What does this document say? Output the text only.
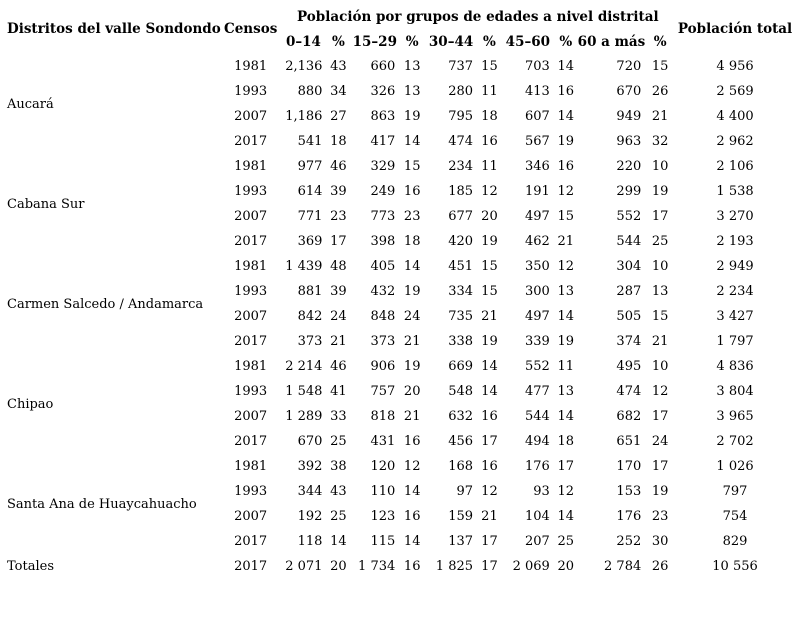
Distritos del valle Sondondo	Censos	Población por grupos de edades a nivel distrital										Población total
		0–14	%	15–29	%	30–44	%	45–60	%	60 a más	%	
Aucará	1981	2,136	43	660	13	737	15	703	14	720	15	4 956
	1993	880	34	326	13	280	11	413	16	670	26	2 569
	2007	1,186	27	863	19	795	18	607	14	949	21	4 400
	2017	541	18	417	14	474	16	567	19	963	32	2 962
Cabana Sur	1981	977	46	329	15	234	11	346	16	220	10	2 106
	1993	614	39	249	16	185	12	191	12	299	19	1 538
	2007	771	23	773	23	677	20	497	15	552	17	3 270
	2017	369	17	398	18	420	19	462	21	544	25	2 193
Carmen Salcedo / Andamarca	1981	1 439	48	405	14	451	15	350	12	304	10	2 949
	1993	881	39	432	19	334	15	300	13	287	13	2 234
	2007	842	24	848	24	735	21	497	14	505	15	3 427
	2017	373	21	373	21	338	19	339	19	374	21	1 797
Chipao	1981	2 214	46	906	19	669	14	552	11	495	10	4 836
	1993	1 548	41	757	20	548	14	477	13	474	12	3 804
	2007	1 289	33	818	21	632	16	544	14	682	17	3 965
	2017	670	25	431	16	456	17	494	18	651	24	2 702
Santa Ana de Huaycahuacho	1981	392	38	120	12	168	16	176	17	170	17	1 026
	1993	344	43	110	14	97	12	93	12	153	19	797
	2007	192	25	123	16	159	21	104	14	176	23	754
	2017	118	14	115	14	137	17	207	25	252	30	829
Totales	2017	2 071	20	1 734	16	1 825	17	2 069	20	2 784	26	10 556
